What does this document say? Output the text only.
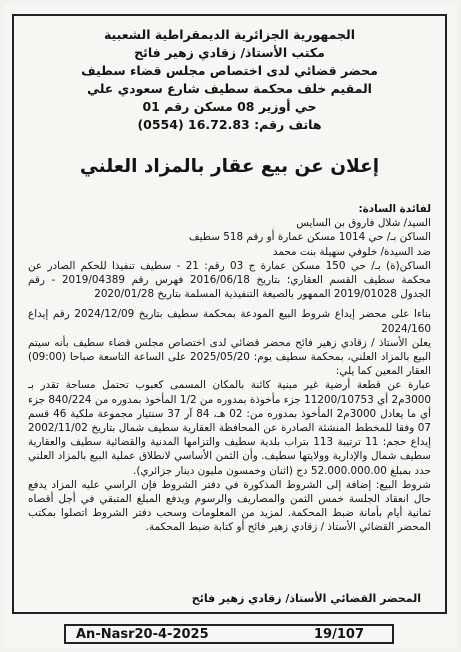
الجمهورية الجزائرية الديمقراطية الشعبية
مكتب الأستاذ/ زقادي زهير فائح
محضر قضائي لدى اختصاص مجلس قضاء سطيف
المقيم خلف محكمة سطيف شارع سعودي علي
حي أوزير 08 مسكن رقم 01
هاتف رقم: 16.72.83 (0554)
إعلان عن بيع عقار بالمزاد العلني

لفائدة السادة:

السيد/ شلال فاروق بن السايس

الساكن بـ/ حي 1014 مسكن عمارة أو رقم 518 سطيف

ضد السيدة/ خلوفي سهيلة بنت محمد

الساكن(ة) بـ/ حي 150 مسكن عمارة ج 03 رقم: 21 - سطيف تنفيذا للحكم الصادر عن محكمة سطيف القسم العقاري؛ بتاريخ 2016/06/18 فهرس رقم 2019/04389 - رقم الجدول 2019/01028 الممهور بالصيغة التنفيذية المسلمة بتاريخ 2020/01/28

بناءا على محضر إيداع شروط البيع المودعة بمحكمة سطيف بتاريخ 2024/12/09 رقم إيداع 2024/160

يعلن الأستاذ / زقادي زهير فائح محضر قضائي لدى اختصاص مجلس قضاء سطيف بأنه سيتم البيع بالمزاد العلني، بمحكمة سطيف يوم: 2025/05/20 على الساعة التاسعة صباحا (09:00) العقار المعين كما يلي:

عبارة عن قطعة أرضية غير مبنية كائنة بالمكان المسمى كعبوب تحتمل مساحة تقدر بـ 3000م2 أي 11200/10753 جزء مأخوذة بمدوره من 1/2 المأخوذ بمدوره من 840/224 جزء أي ما يعادل 3000م2 المأخوذ بمدوره من: 02 هـ، 84 آر 37 سنتيار مجموعة ملكية 46 قسم 07 وفقا للمخطط المنشئة الصادرة عن المحافظة العقارية سطيف شمال بتاريخ 2002/11/02 إيداع حجم: 11 ترتيبة 113 بتراب بلدية سطيف والتزامها المدنية والقضائية سطيف والعقارية سطيف شمال والإدارية وولايتها سطيف. وأن الثمن الأساسي لانطلاق عملية البيع بالمزاد العلني حدد بمبلغ 52.000.000.00 دج (اثنان وخمسون مليون دينار جزائري).

شروط البيع: إضافة إلى الشروط المذكورة في دفتر الشروط فإن الراسي عليه المزاد يدفع حال انعقاد الجلسة خمس الثمن والمصاريف والرسوم ويدفع المبلغ المتبقي في أجل أقصاه ثمانية أيام بأمانة ضبط المحكمة. لمزيد من المعلومات وسحب دفتر الشروط اتصلوا بمكتب المحضر القضائي الأستاذ / زقادي زهير فائح أو كتابة ضبط المحكمة.

المحضر القضائي الأستاذ/ زقادي زهير فائح
An-Nasr20-4-2025	19/107
